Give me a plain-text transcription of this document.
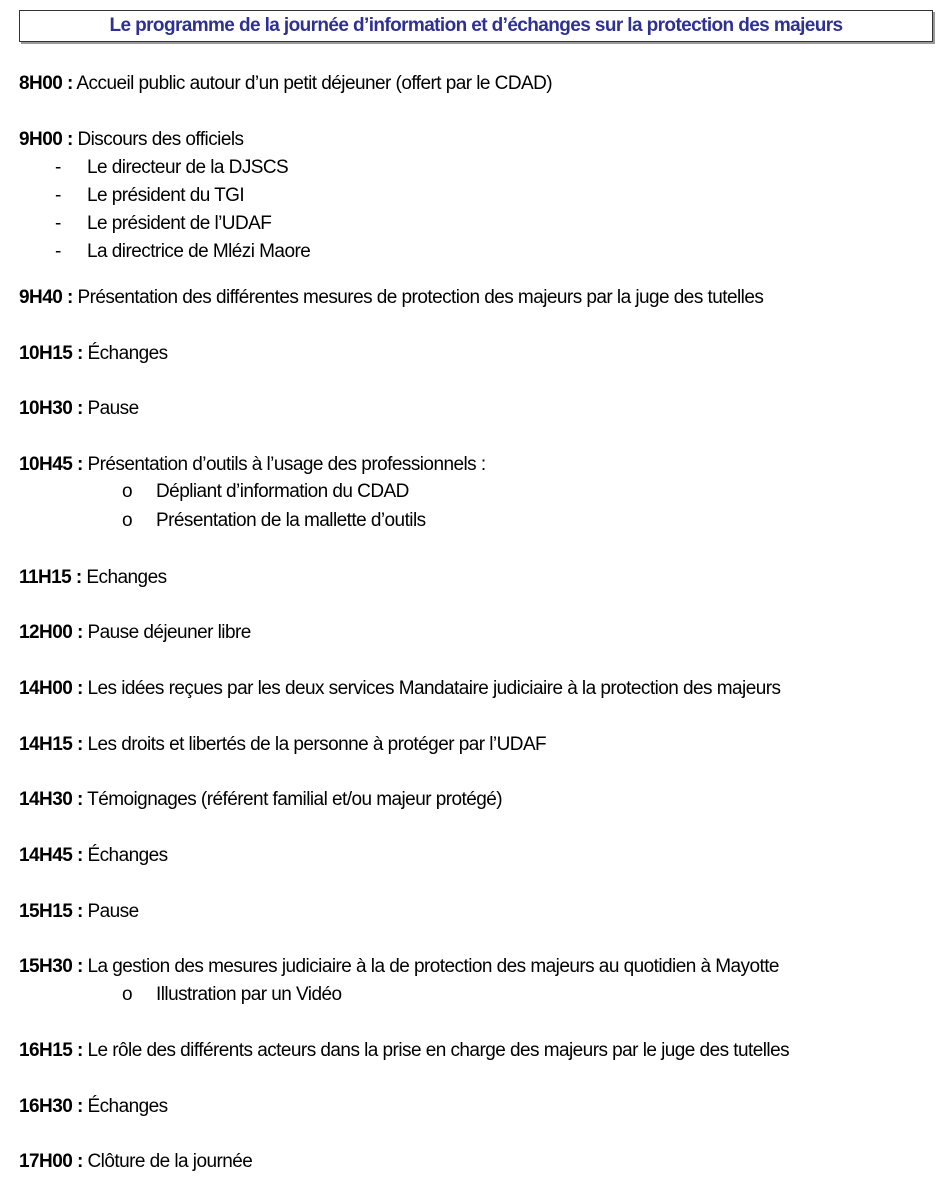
Le programme de la journée d’information et d’échanges sur la protection des majeurs
8H00 : Accueil public autour d’un petit déjeuner (offert par le CDAD)
9H00 : Discours des officiels
- Le directeur de la DJSCS
- Le président du TGI
- Le président de l’UDAF
- La directrice de Mlézi Maore
9H40 : Présentation des différentes mesures de protection des majeurs par la juge des tutelles
10H15 : Échanges
10H30 : Pause
10H45 : Présentation d’outils à l’usage des professionnels :
o Dépliant d’information du CDAD
o Présentation de la mallette d’outils
11H15 : Echanges
12H00 : Pause déjeuner libre
14H00 : Les idées reçues par les deux services Mandataire judiciaire à la protection des majeurs
14H15 : Les droits et libertés de la personne à protéger par l’UDAF
14H30 : Témoignages (référent familial et/ou majeur protégé)
14H45 : Échanges
15H15 : Pause
15H30 : La gestion des mesures judiciaire à la de protection des majeurs au quotidien à Mayotte
o Illustration par un Vidéo
16H15 : Le rôle des différents acteurs dans la prise en charge des majeurs par le juge des tutelles
16H30 : Échanges
17H00 : Clôture de la journée
